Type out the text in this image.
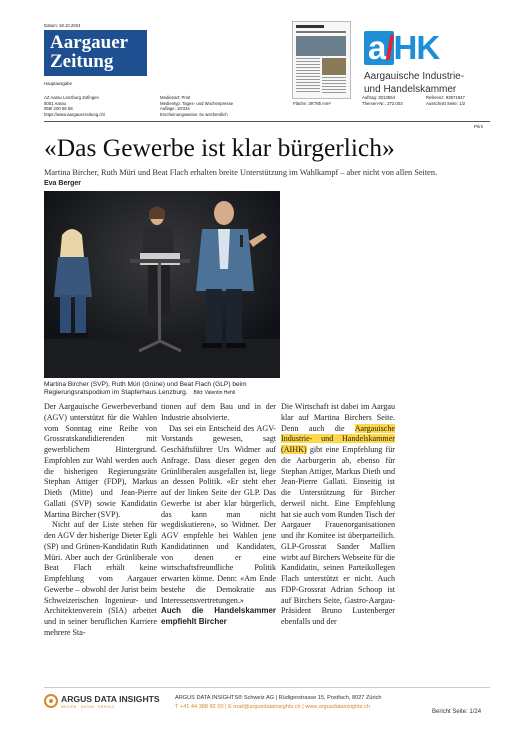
Datum: 18.10.2024
Aargauer
Zeitung
Hauptausgabe
AZ Aarau Lenzburg Zofingen
5001 Aarau
058/ 200 58 58
https://www.aargauerzeitung.ch/
Medienart: Print
Medientyp: Tages- und Wochenpresse
Auflage: 19'334
Erscheinungsweise: 6x wöchentlich
Fläche: 39'785 mm²
Auftrag: 3013554
Themen-Nr.: 272.003
Referenz: 93571847
Ausschnitt Seite: 1/2
a/HK
Aargauische Industrie-
und Handelskammer
Print
«Das Gewerbe ist klar bürgerlich»
Martina Bircher, Ruth Müri und Beat Flach erhalten breite Unterstützung im Wahlkampf – aber nicht von allen Seiten.
Eva Berger
Martina Bircher (SVP), Ruth Müri (Grüne) und Beat Flach (GLP) beim Regierungsratspodium im Stapferhaus Lenzburg. Bild: Valentin Hehli

Der Aargauische Gewerbeverband (AGV) unterstützt für die Wahlen vom Sonntag eine Reihe von Grossratskandidierenden mit gewerblichem Hintergrund. Empfohlen zur Wahl werden auch die bisherigen Regierungsräte Stephan Attiger (FDP), Markus Dieth (Mitte) und Jean-Pierre Gallati (SVP) sowie Kandidatin Martina Bircher (SVP).

Nicht auf der Liste stehen für den AGV der bisherige Dieter Egli (SP) und Grünen-Kandidatin Ruth Müri. Aber auch der Grünliberale Beat Flach erhält keine Empfehlung vom Aargauer Gewerbe – obwohl der Jurist beim Schweizerischen Ingenieur- und Architektenverein (SIA) arbeitet und in seiner beruflichen Karriere mehrere Sta-

tionen auf dem Bau und in der Industrie absolvierte.

Das sei ein Entscheid des AGV-Vorstands gewesen, sagt Geschäftsführer Urs Widmer auf Anfrage. Dass dieser gegen den Grünliberalen ausgefallen ist, liege an dessen Politik. «Er steht eher auf der linken Seite der GLP. Das Gewerbe ist aber klar bürgerlich, das kann man nicht wegdiskutieren», so Widmer. Der AGV empfehle bei Wahlen jene Kandidatinnen und Kandidaten, von denen er eine wirtschaftsfreundliche Politik erwarten könne. Denn: «Am Ende bestehe die Demokratie aus Interessensvertretungen.»

Auch die Handelskammer empfiehlt Bircher

Die Wirtschaft ist dabei im Aargau klar auf Martina Birchers Seite. Denn auch die Aargauische Industrie- und Handelskammer (AIHK) gibt eine Empfehlung für die Aarburgerin ab, ebenso für Stephan Attiger, Markus Dieth und Jean-Pierre Gallati. Einseitig ist die Unterstützung für Bircher derweil nicht. Eine Empfehlung hat sie auch vom Runden Tisch der Aargauer Frauenorganisationen und ihr Komitee ist überparteilich. GLP-Grossrat Sander Mallien wirbt auf Birchers Webseite für die Kandidatin, seinen Parteikollegen Flach unterstützt er nicht. Auch FDP-Grossrat Adrian Schoop ist auf Birchers Seite, Gastro-Aargau-Präsident Bruno Lustenberger ebenfalls und der

ARGUS DATA INSIGHTS
MEDIEN · DATEN · ERFOLG
ARGUS DATA INSIGHTS® Schweiz AG | Rüdigerstrasse 15, Postfach, 8027 Zürich
T +41 44 388 82 00 | E mail@argusdatainsights.ch | www.argusdatainsights.ch
Bericht Seite: 1/24
